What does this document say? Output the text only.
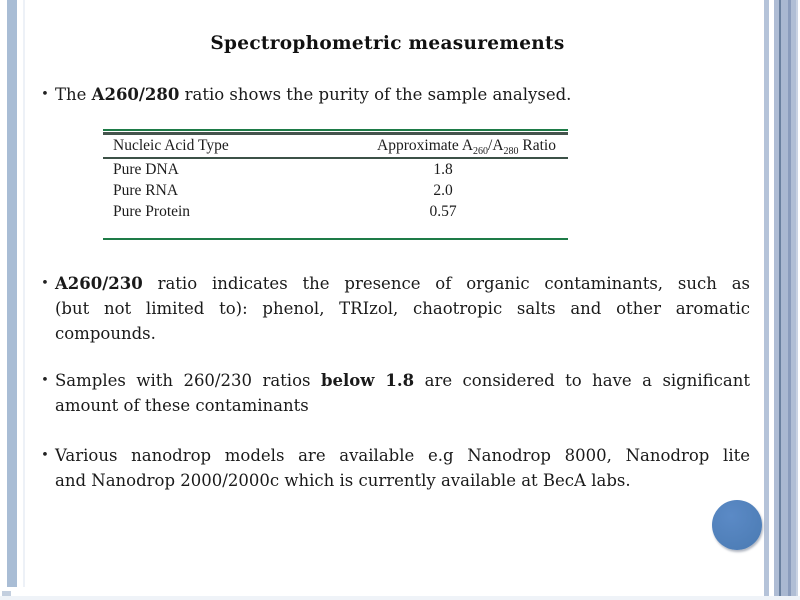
Spectrophometric measurements
• The A260/280 ratio shows the purity of the sample analysed.
Nucleic Acid Type	Approximate $A_{260}/A_{280}$ Ratio
Pure DNA	1.8
Pure RNA	2.0
Pure Protein	0.57
• A260/230 ratio indicates the presence of organic contaminants, such as
(but not limited to): phenol, TRIzol, chaotropic salts and other aromatic
compounds.
• Samples with 260/230 ratios below 1.8 are considered to have a significant
amount of these contaminants
• Various nanodrop models are available e.g Nanodrop 8000, Nanodrop lite
and Nanodrop 2000/2000c which is currently available at BecA labs.
